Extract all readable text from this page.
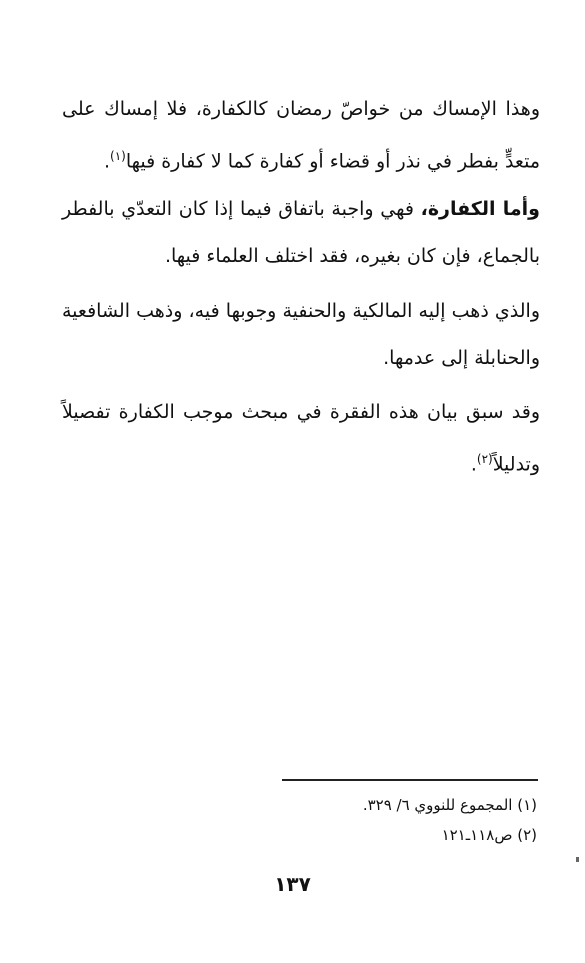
وهذا الإمساك من خواصّ رمضان كالكفارة، فلا إمساك على متعدٍّ بفطر في نذر أو قضاء أو كفارة كما لا كفارة فيها$^{(١)}$.

وأما الكفارة، فهي واجبة باتفاق فيما إذا كان التعدّي بالفطر بالجماع، فإن كان بغيره، فقد اختلف العلماء فيها.

والذي ذهب إليه المالكية والحنفية وجوبها فيه، وذهب الشافعية والحنابلة إلى عدمها.

وقد سبق بيان هذه الفقرة في مبحث موجب الكفارة تفصيلاً وتدليلاً$^{(٢)}$.

(١) المجموع للنووي ٦/ ٣٢٩.

(٢) ص١١٨ـ١٢١

١٣٧
